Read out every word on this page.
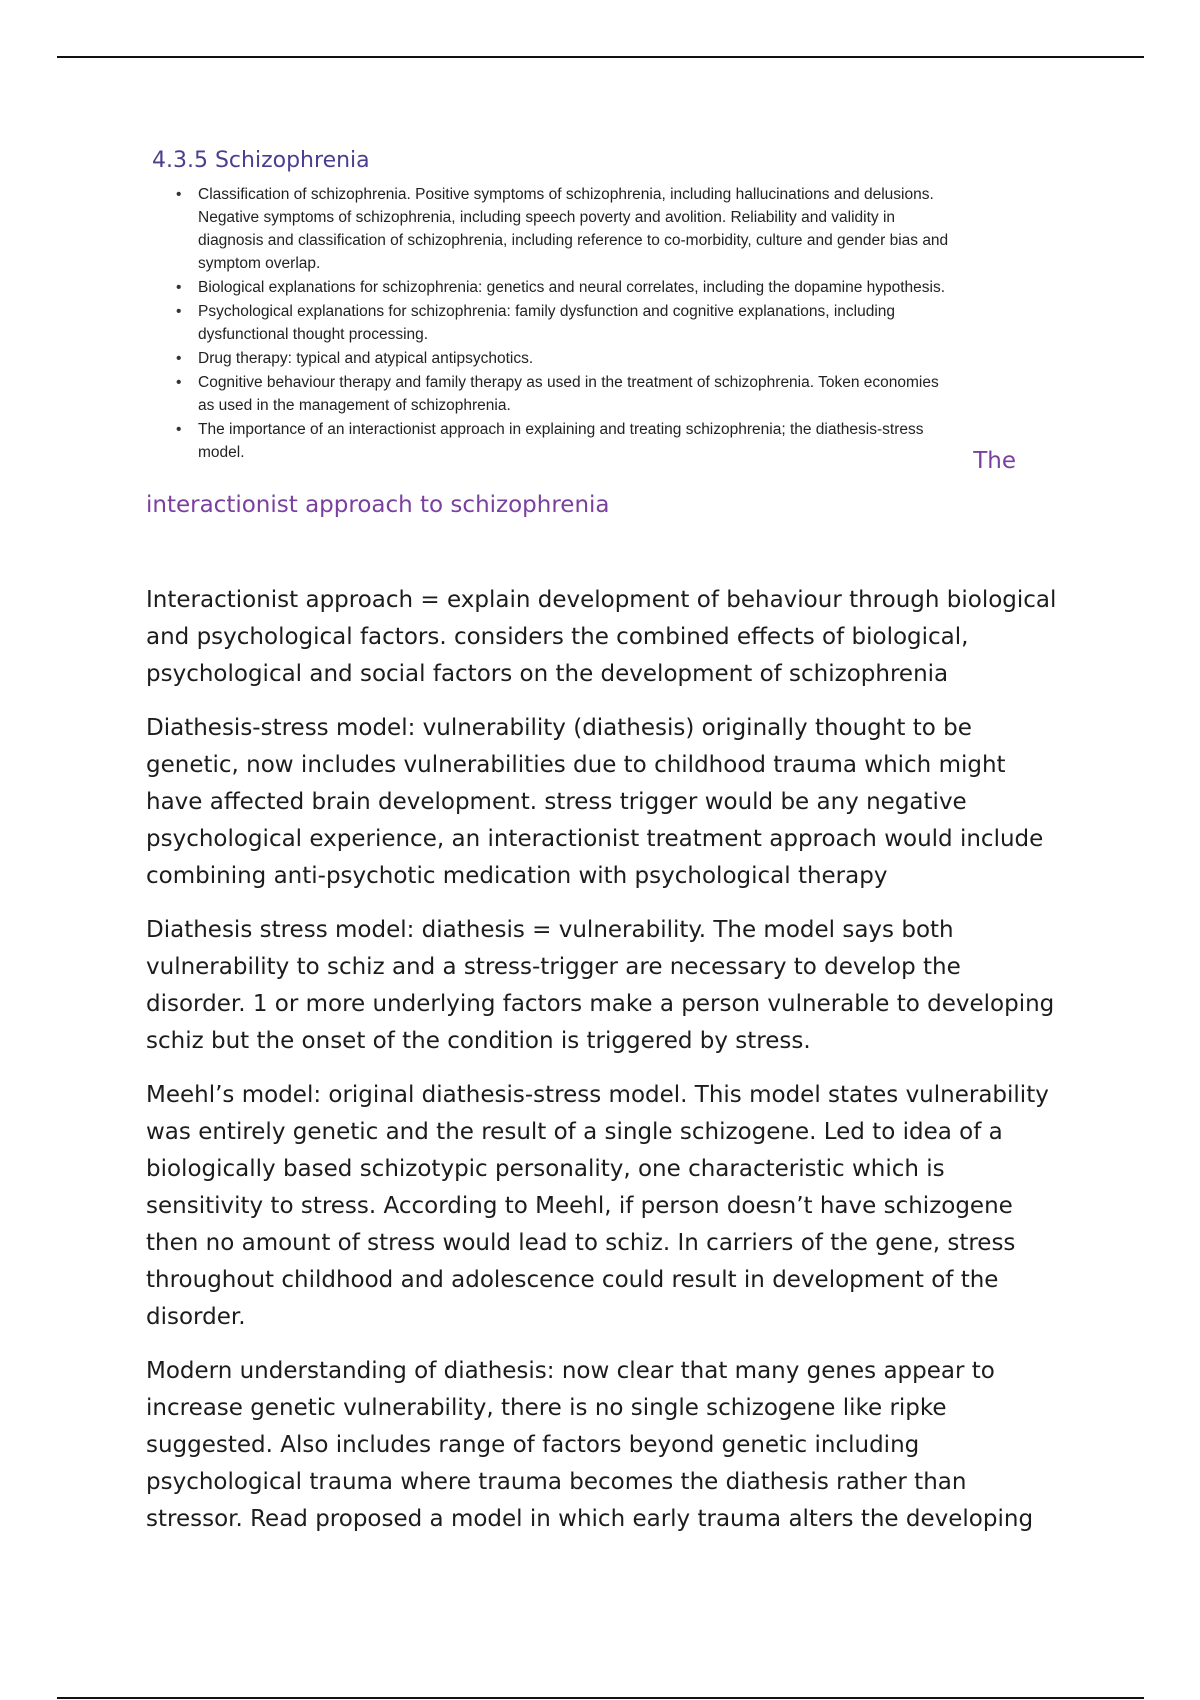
4.3.5 Schizophrenia
• Classification of schizophrenia. Positive symptoms of schizophrenia, including hallucinations and delusions. Negative symptoms of schizophrenia, including speech poverty and avolition. Reliability and validity in diagnosis and classification of schizophrenia, including reference to co-morbidity, culture and gender bias and symptom overlap.
• Biological explanations for schizophrenia: genetics and neural correlates, including the dopamine hypothesis.
• Psychological explanations for schizophrenia: family dysfunction and cognitive explanations, including dysfunctional thought processing.
• Drug therapy: typical and atypical antipsychotics.
• Cognitive behaviour therapy and family therapy as used in the treatment of schizophrenia. Token economies as used in the management of schizophrenia.
• The importance of an interactionist approach in explaining and treating schizophrenia; the diathesis-stress model.	The
interactionist approach to schizophrenia

Interactionist approach = explain development of behaviour through biological and psychological factors. considers the combined effects of biological, psychological and social factors on the development of schizophrenia

Diathesis-stress model: vulnerability (diathesis) originally thought to be genetic, now includes vulnerabilities due to childhood trauma which might have affected brain development. stress trigger would be any negative psychological experience, an interactionist treatment approach would include combining anti-psychotic medication with psychological therapy

Diathesis stress model: diathesis = vulnerability. The model says both vulnerability to schiz and a stress-trigger are necessary to develop the disorder. 1 or more underlying factors make a person vulnerable to developing schiz but the onset of the condition is triggered by stress.

Meehl’s model: original diathesis-stress model. This model states vulnerability was entirely genetic and the result of a single schizogene. Led to idea of a biologically based schizotypic personality, one characteristic which is sensitivity to stress. According to Meehl, if person doesn’t have schizogene then no amount of stress would lead to schiz. In carriers of the gene, stress throughout childhood and adolescence could result in development of the disorder.

Modern understanding of diathesis: now clear that many genes appear to increase genetic vulnerability, there is no single schizogene like ripke suggested. Also includes range of factors beyond genetic including psychological trauma where trauma becomes the diathesis rather than stressor. Read proposed a model in which early trauma alters the developing
